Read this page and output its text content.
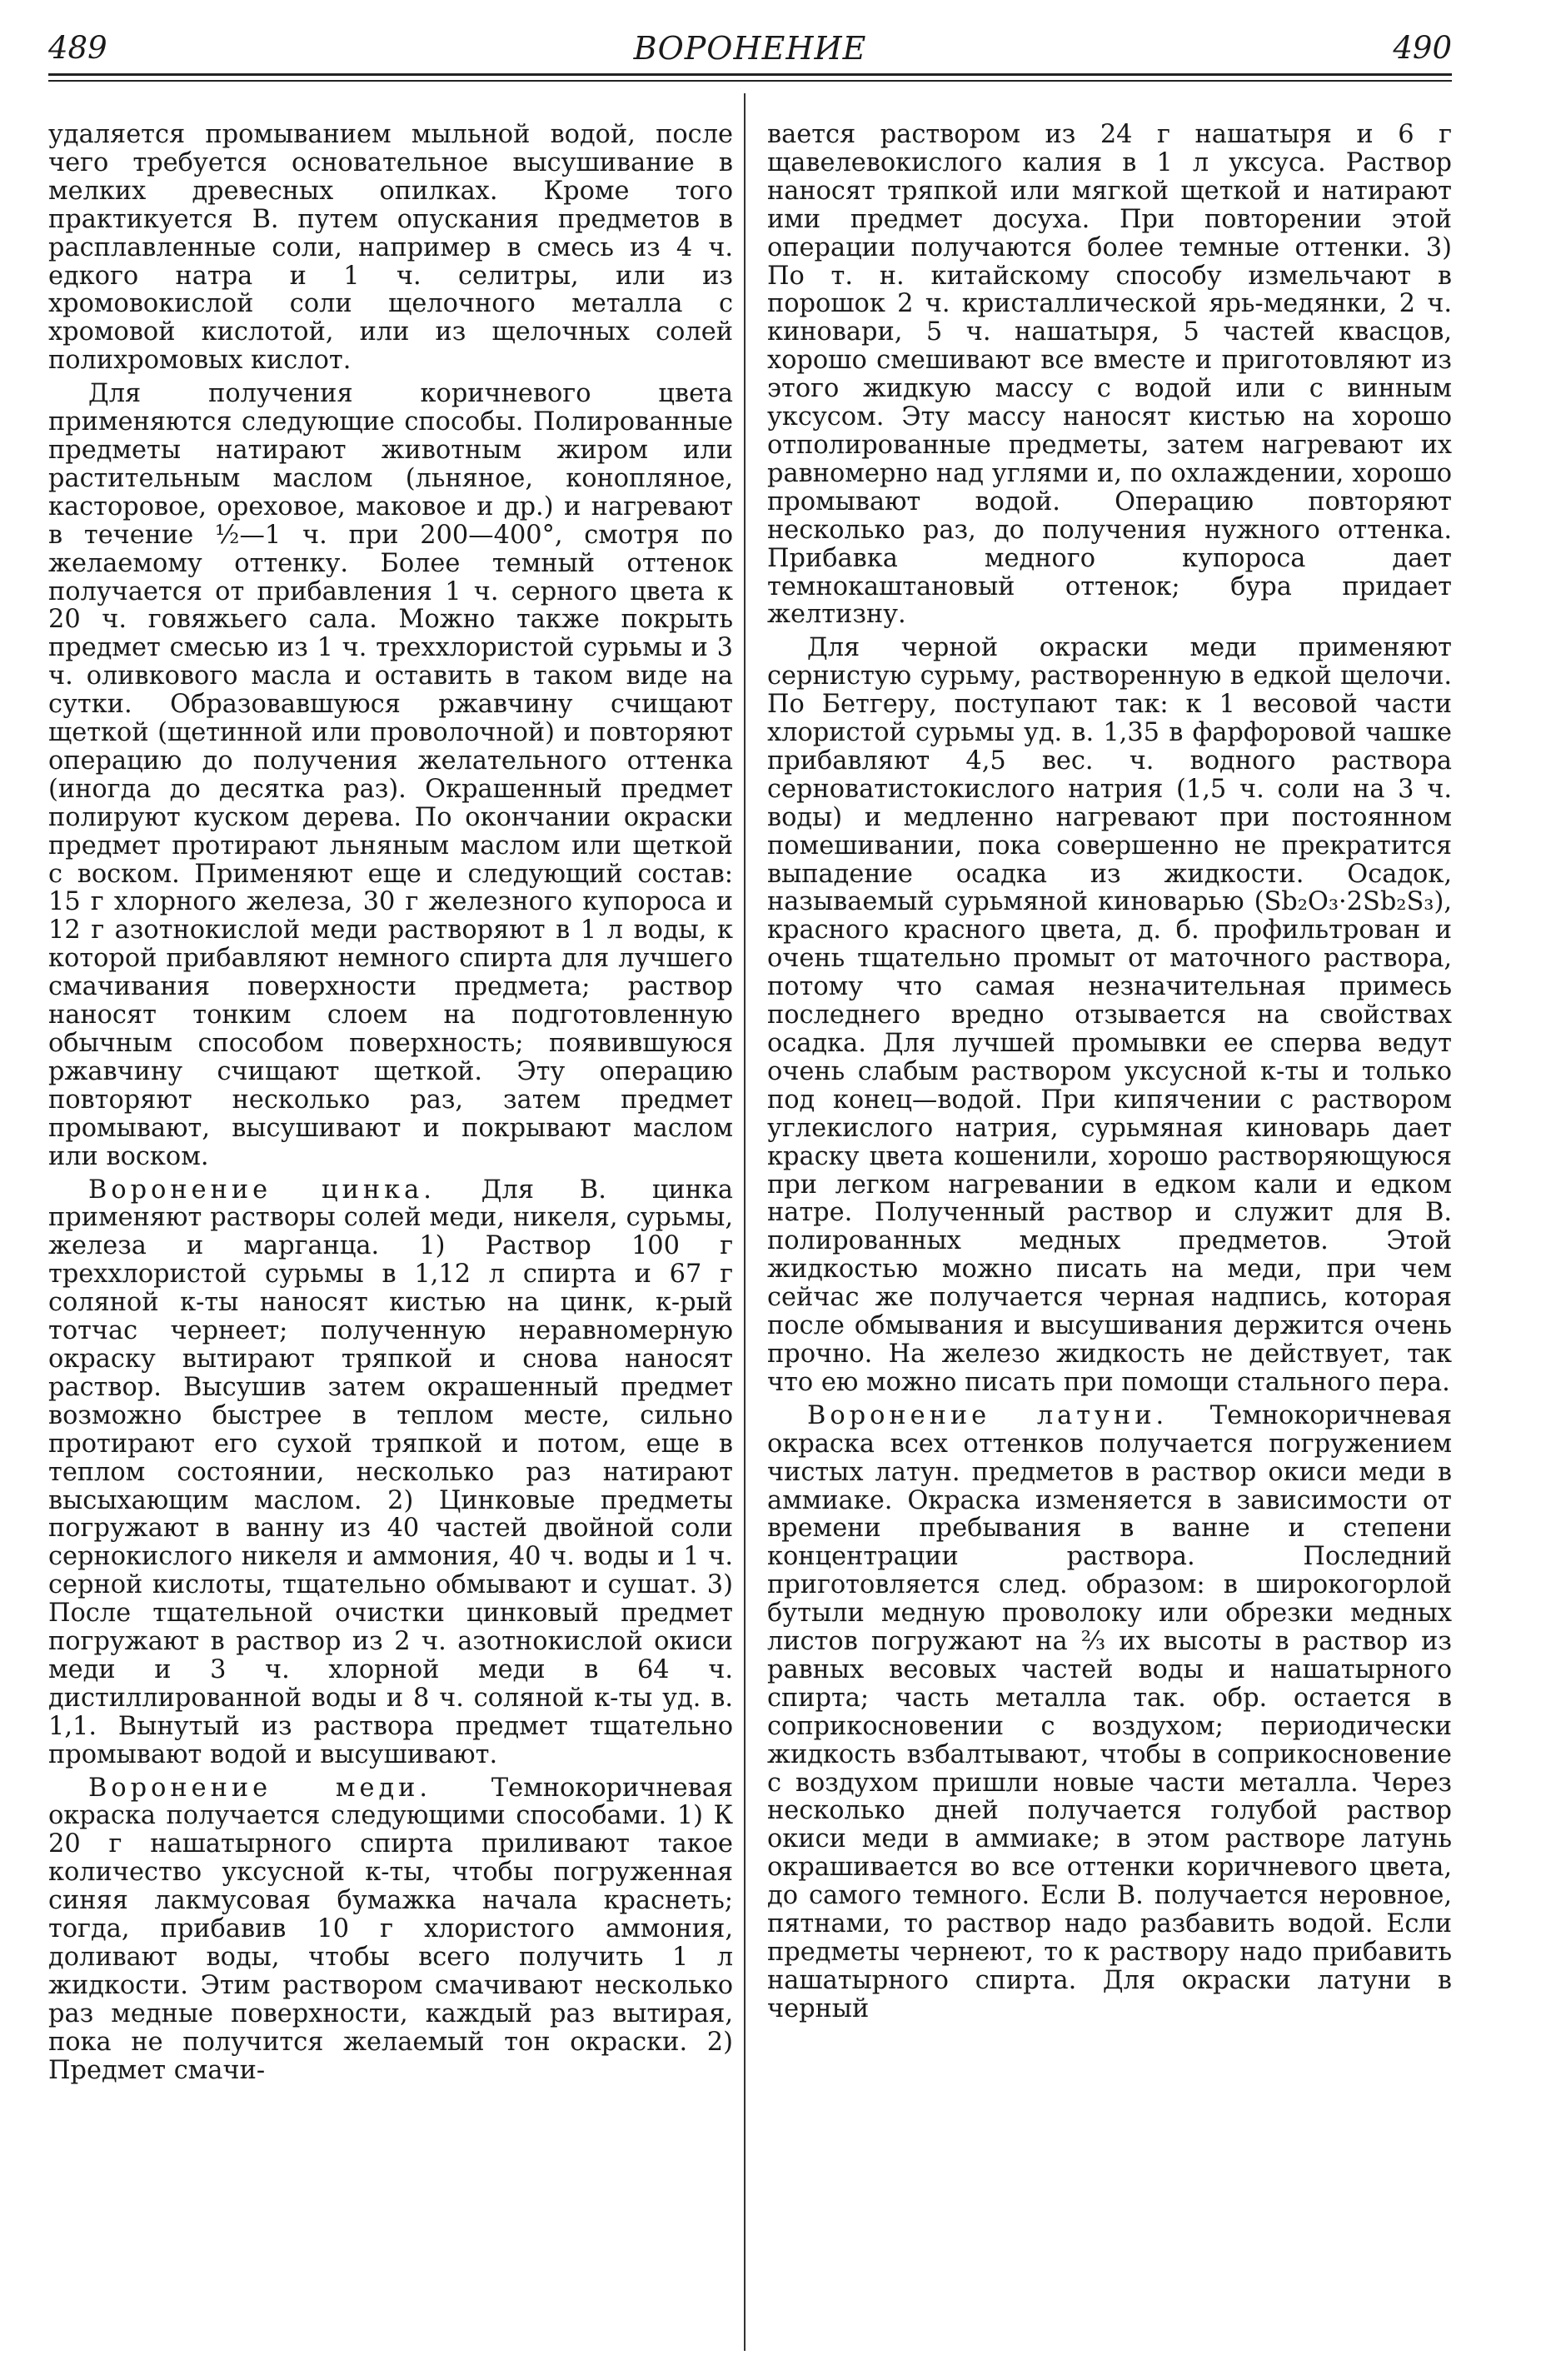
489	ВОРОНЕНИЕ	490

удаляется промыванием мыльной водой, после чего требуется основательное высушивание в мелких древесных опилках. Кроме того практикуется В. путем опускания предметов в расплавленные соли, например в смесь из 4 ч. едкого натра и 1 ч. селитры, или из хромовокислой соли щелочного металла с хромовой кислотой, или из щелочных солей полихромовых кислот.

Для получения коричневого цвета применяются следующие способы. Полированные предметы натирают животным жиром или растительным маслом (льняное, конопляное, касторовое, ореховое, маковое и др.) и нагревают в течение ½—1 ч. при 200—400°, смотря по желаемому оттенку. Более темный оттенок получается от прибавления 1 ч. серного цвета к 20 ч. говяжьего сала. Можно также покрыть предмет смесью из 1 ч. треххлористой сурьмы и 3 ч. оливкового масла и оставить в таком виде на сутки. Образовавшуюся ржавчину счищают щеткой (щетинной или проволочной) и повторяют операцию до получения желательного оттенка (иногда до десятка раз). Окрашенный предмет полируют куском дерева. По окончании окраски предмет протирают льняным маслом или щеткой с воском. Применяют еще и следующий состав: 15 г хлорного железа, 30 г железного купороса и 12 г азотнокислой меди растворяют в 1 л воды, к которой прибавляют немного спирта для лучшего смачивания поверхности предмета; раствор наносят тонким слоем на подготовленную обычным способом поверхность; появившуюся ржавчину счищают щеткой. Эту операцию повторяют несколько раз, затем предмет промывают, высушивают и покрывают маслом или воском.

Воронение цинка. Для В. цинка применяют растворы солей меди, никеля, сурьмы, железа и марганца. 1) Раствор 100 г треххлористой сурьмы в 1,12 л спирта и 67 г соляной к-ты наносят кистью на цинк, к-рый тотчас чернеет; полученную неравномерную окраску вытирают тряпкой и снова наносят раствор. Высушив затем окрашенный предмет возможно быстрее в теплом месте, сильно протирают его сухой тряпкой и потом, еще в теплом состоянии, несколько раз натирают высыхающим маслом. 2) Цинковые предметы погружают в ванну из 40 частей двойной соли сернокислого никеля и аммония, 40 ч. воды и 1 ч. серной кислоты, тщательно обмывают и сушат. 3) После тщательной очистки цинковый предмет погружают в раствор из 2 ч. азотнокислой окиси меди и 3 ч. хлорной меди в 64 ч. дистиллированной воды и 8 ч. соляной к-ты уд. в. 1,1. Вынутый из раствора предмет тщательно промывают водой и высушивают.

Воронение меди. Темнокоричневая окраска получается следующими способами. 1) К 20 г нашатырного спирта приливают такое количество уксусной к-ты, чтобы погруженная синяя лакмусовая бумажка начала краснеть; тогда, прибавив 10 г хлористого аммония, доливают воды, чтобы всего получить 1 л жидкости. Этим раствором смачивают несколько раз медные поверхности, каждый раз вытирая, пока не получится желаемый тон окраски. 2) Предмет смачи-

вается раствором из 24 г нашатыря и 6 г щавелевокислого калия в 1 л уксуса. Раствор наносят тряпкой или мягкой щеткой и натирают ими предмет досуха. При повторении этой операции получаются более темные оттенки. 3) По т. н. китайскому способу измельчают в порошок 2 ч. кристаллической ярь-медянки, 2 ч. киновари, 5 ч. нашатыря, 5 частей квасцов, хорошо смешивают все вместе и приготовляют из этого жидкую массу с водой или с винным уксусом. Эту массу наносят кистью на хорошо отполированные предметы, затем нагревают их равномерно над углями и, по охлаждении, хорошо промывают водой. Операцию повторяют несколько раз, до получения нужного оттенка. Прибавка медного купороса дает темнокаштановый оттенок; бура придает желтизну.

Для черной окраски меди применяют сернистую сурьму, растворенную в едкой щелочи. По Бетгеру, поступают так: к 1 весовой части хлористой сурьмы уд. в. 1,35 в фарфоровой чашке прибавляют 4,5 вес. ч. водного раствора серноватистокислого натрия (1,5 ч. соли на 3 ч. воды) и медленно нагревают при постоянном помешивании, пока совершенно не прекратится выпадение осадка из жидкости. Осадок, называемый сурьмяной киноварью (Sb₂O₃·2Sb₂S₃), красного красного цвета, д. б. профильтрован и очень тщательно промыт от маточного раствора, потому что самая незначительная примесь последнего вредно отзывается на свойствах осадка. Для лучшей промывки ее сперва ведут очень слабым раствором уксусной к-ты и только под конец—водой. При кипячении с раствором углекислого натрия, сурьмяная киноварь дает краску цвета кошенили, хорошо растворяющуюся при легком нагревании в едком кали и едком натре. Полученный раствор и служит для В. полированных медных предметов. Этой жидкостью можно писать на меди, при чем сейчас же получается черная надпись, которая после обмывания и высушивания держится очень прочно. На железо жидкость не действует, так что ею можно писать при помощи стального пера.

Воронение латуни. Темнокоричневая окраска всех оттенков получается погружением чистых латун. предметов в раствор окиси меди в аммиаке. Окраска изменяется в зависимости от времени пребывания в ванне и степени концентрации раствора. Последний приготовляется след. образом: в широкогорлой бутыли медную проволоку или обрезки медных листов погружают на ⅔ их высоты в раствор из равных весовых частей воды и нашатырного спирта; часть металла так. обр. остается в соприкосновении с воздухом; периодически жидкость взбалтывают, чтобы в соприкосновение с воздухом пришли новые части металла. Через несколько дней получается голубой раствор окиси меди в аммиаке; в этом растворе латунь окрашивается во все оттенки коричневого цвета, до самого темного. Если В. получается неровное, пятнами, то раствор надо разбавить водой. Если предметы чернеют, то к раствору надо прибавить нашатырного спирта. Для окраски латуни в черный
